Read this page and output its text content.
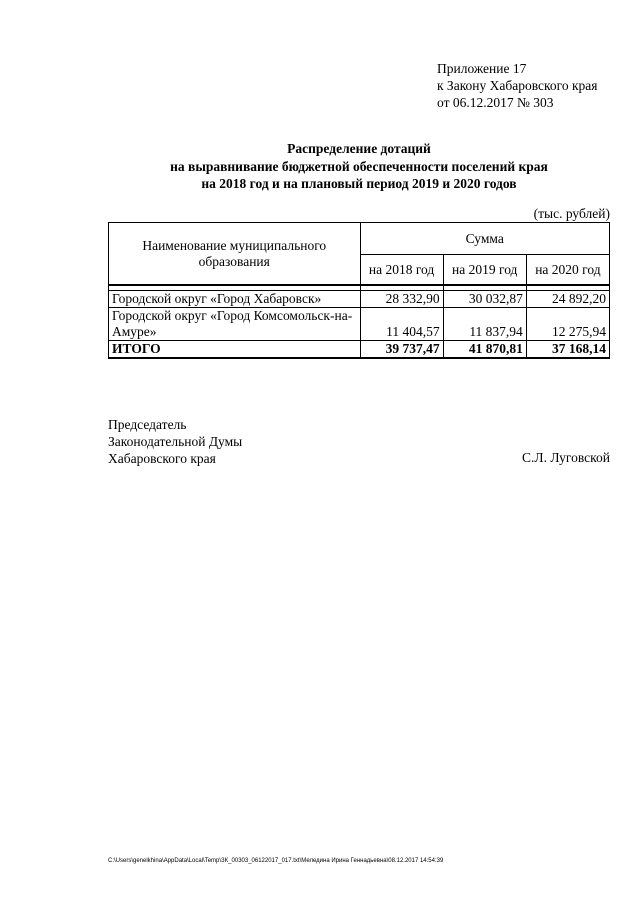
Приложение 17
к Закону Хабаровского края
от 06.12.2017 № 303
Распределение дотаций
на выравнивание бюджетной обеспеченности поселений края
на 2018 год и на плановый период 2019 и 2020 годов
(тыс. рублей)
Наименование муниципального образования	Сумма		
	на 2018 год	на 2019 год	на 2020 год

Городской округ «Город Хабаровск»	28 332,90	30 032,87	24 892,20
Городской округ «Город Комсомольск-на-Амуре»	11 404,57	11 837,94	12 275,94
ИТОГО	39 737,47	41 870,81	37 168,14
Председатель
Законодательной Думы
Хабаровского края	С.Л. Луговской
C:\Users\genelkhina\AppData\Local\Temp\ЗК_00303_06122017_017.txt\Меледина Ирина Геннадьевна\08.12.2017 14:54:39
